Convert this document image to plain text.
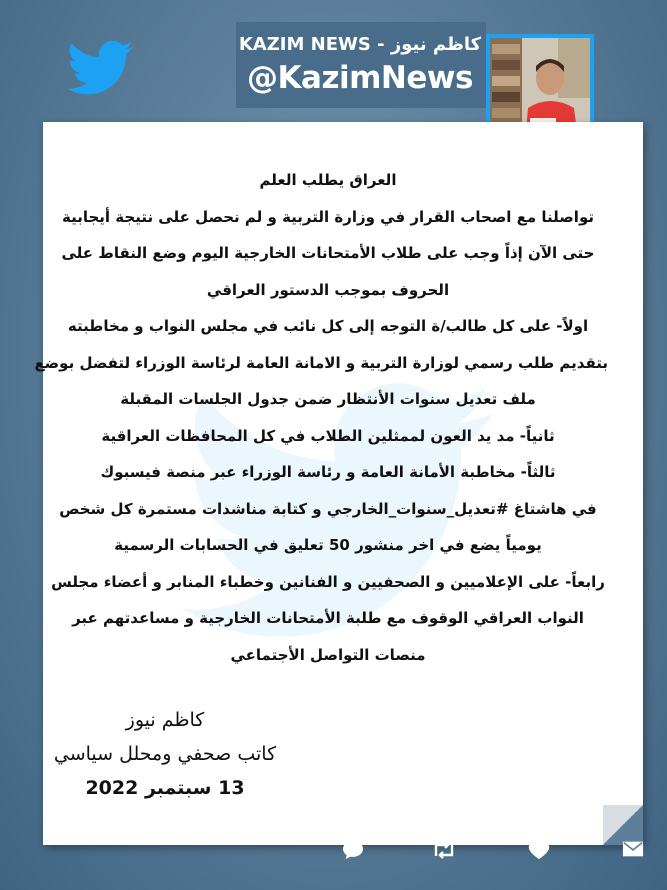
KAZIM NEWS - كاظم نيوز
@KazimNews
العراق يطلب العلم
تواصلنا مع اصحاب القرار في وزارة التربية و لم نحصل على نتيجة أيجابية
حتى الآن إذاً وجب على طلاب الأمتحانات الخارجية اليوم وضع النقاط على
الحروف بموجب الدستور العراقي
اولاً- على كل طالب/ة التوجه إلى كل نائب في مجلس النواب و مخاطبته
بتقديم طلب رسمي لوزارة التربية و الامانة العامة لرئاسة الوزراء لتفضل بوضع
ملف تعديل سنوات الأنتظار ضمن جدول الجلسات المقبلة
ثانياً- مد يد العون لممثلين الطلاب في كل المحافظات العراقية
ثالثاً- مخاطبة الأمانة العامة و رئاسة الوزراء عبر منصة فيسبوك
في هاشتاغ #تعديل_سنوات_الخارجي و كتابة مناشدات مستمرة كل شخص
يومياً يضع في اخر منشور 50 تعليق في الحسابات الرسمية
رابعاً- على الإعلاميين و الصحفيين و الفنانين وخطباء المنابر و أعضاء مجلس
النواب العراقي الوقوف مع طلبة الأمتحانات الخارجية و مساعدتهم عبر
منصات التواصل الأجتماعي
كاظم نيوز
كاتب صحفي ومحلل سياسي
13 سبتمبر 2022
